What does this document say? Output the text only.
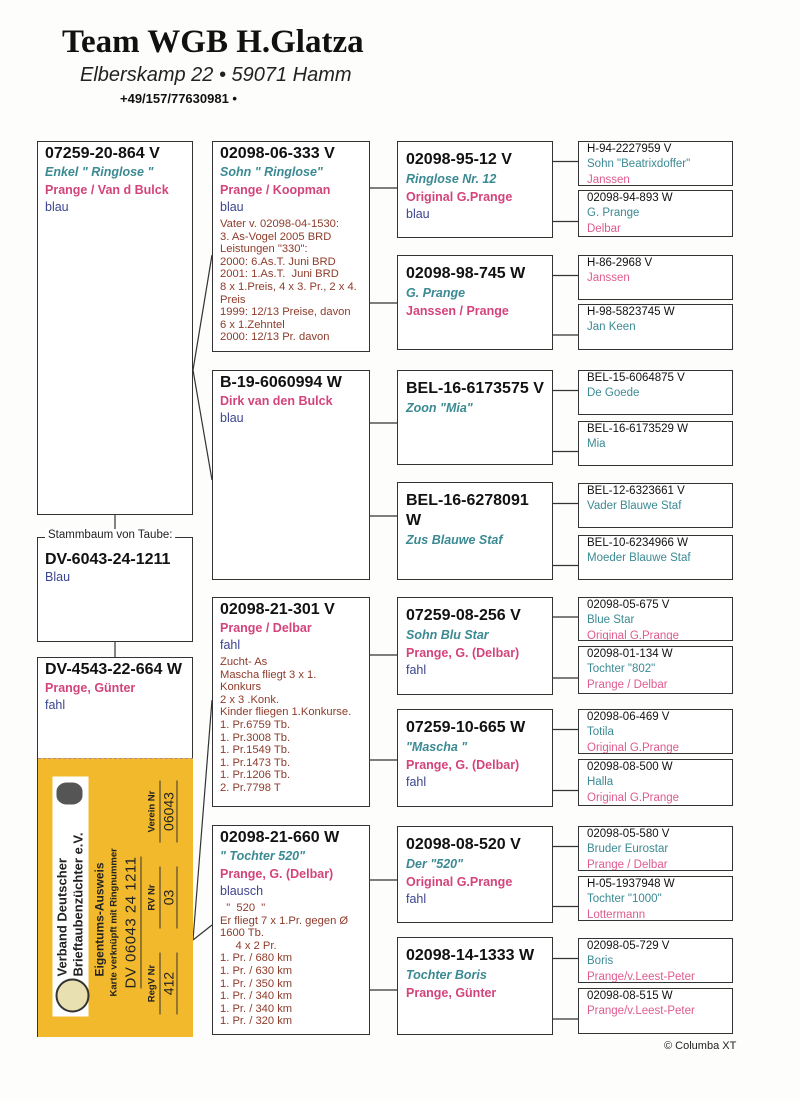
Team WGB H.Glatza
Elberskamp 22 • 59071 Hamm
+49/157/77630981 •
07259-20-864 V
Enkel " Ringlose "
Prange / Van d Bulck
blau
DV-6043-24-1211
Blau
DV-4543-22-664 W
Prange, Günter
fahl
02098-06-333 V
Sohn " Ringlose"
Prange / Koopman
blau
Vater v. 02098-04-1530:
3. As-Vogel 2005 BRD
Leistungen "330":
2000: 6.As.T. Juni BRD
2001: 1.As.T.  Juni BRD
8 x 1.Preis, 4 x 3. Pr., 2 x 4.
Preis
1999: 12/13 Preise, davon
6 x 1.Zehntel
2000: 12/13 Pr. davon
B-19-6060994 W
Dirk van den Bulck
blau
02098-21-301 V
Prange / Delbar
fahl
Zucht- As
Mascha fliegt 3 x 1.
Konkurs
2 x 3 .Konk.
Kinder fliegen 1.Konkurse.
1. Pr.6759 Tb.
1. Pr.3008 Tb.
1. Pr.1549 Tb.
1. Pr.1473 Tb.
1. Pr.1206 Tb.
2. Pr.7798 T
02098-21-660 W
" Tochter 520"
Prange, G. (Delbar)
blausch
"  520  "
Er fliegt 7 x 1.Pr. gegen Ø
1600 Tb.
4 x 2 Pr.
1. Pr. / 680 km
1. Pr. / 630 km
1. Pr. / 350 km
1. Pr. / 340 km
1. Pr. / 340 km
1. Pr. / 320 km
02098-95-12 V
Ringlose Nr. 12
Original G.Prange
blau
02098-98-745 W
G. Prange
Janssen / Prange
BEL-16-6173575 V
Zoon "Mia"
BEL-16-6278091 W
Zus Blauwe Staf
07259-08-256 V
Sohn Blu Star
Prange, G. (Delbar)
fahl
07259-10-665 W
"Mascha "
Prange, G. (Delbar)
fahl
02098-08-520 V
Der "520"
Original G.Prange
fahl
02098-14-1333 W
Tochter Boris
Prange, Günter
H-94-2227959 V
Sohn "Beatrixdoffer"
Janssen
02098-94-893 W
G. Prange
Delbar
H-86-2968 V
Janssen
H-98-5823745 W
Jan Keen
BEL-15-6064875 V
De Goede
BEL-16-6173529 W
Mia
BEL-12-6323661 V
Vader Blauwe Staf
BEL-10-6234966 W
Moeder Blauwe Staf
02098-05-675 V
Blue Star
Original G.Prange
02098-01-134 W
Tochter "802"
Prange / Delbar
02098-06-469 V
Totila
Original G.Prange
02098-08-500 W
Halla
Original G.Prange
02098-05-580 V
Bruder Eurostar
Prange / Delbar
H-05-1937948 W
Tochter "1000"
Lottermann
02098-05-729 V
Boris
Prange/v.Leest-Peter
02098-08-515 W
Prange/v.Leest-Peter
Stammbaum von Taube:
Verband Deutscher Brieftaubenzüchter e.V. Eigentums-Ausweis Karte verknüpft mit Ringnummer DV 06043 24 1211 RegV Nr 412
RV Nr 03
Verein Nr 06043
© Columba XT
